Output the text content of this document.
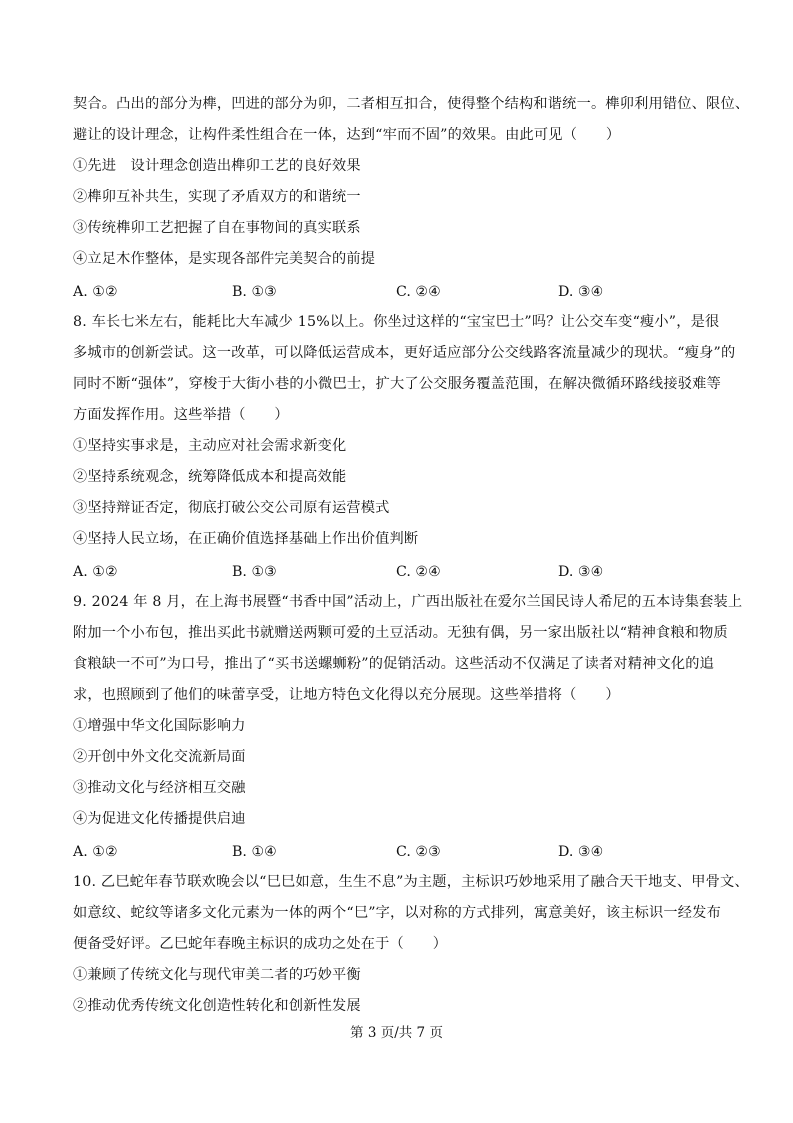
契合。凸出的部分为榫，凹进的部分为卯，二者相互扣合，使得整个结构和谐统一。榫卯利用错位、限位、
避让的设计理念，让构件柔性组合在一体，达到“牢而不固”的效果。由此可见（　　）
①先进　设计理念创造出榫卯工艺的良好效果
②榫卯互补共生，实现了矛盾双方的和谐统一
③传统榫卯工艺把握了自在事物间的真实联系
④立足木作整体，是实现各部件完美契合的前提
A. ①②	B. ①③	C. ②④	D. ③④
8. 车长七米左右，能耗比大车减少 15%以上。你坐过这样的“宝宝巴士”吗？让公交车变“瘦小”，是很
多城市的创新尝试。这一改革，可以降低运营成本，更好适应部分公交线路客流量减少的现状。“瘦身”的
同时不断“强体”，穿梭于大街小巷的小微巴士，扩大了公交服务覆盖范围，在解决微循环路线接驳难等
方面发挥作用。这些举措（　　）
①坚持实事求是，主动应对社会需求新变化
②坚持系统观念，统筹降低成本和提高效能
③坚持辩证否定，彻底打破公交公司原有运营模式
④坚持人民立场，在正确价值选择基础上作出价值判断
A. ①②	B. ①③	C. ②④	D. ③④
9. 2024 年 8 月，在上海书展暨“书香中国”活动上，广西出版社在爱尔兰国民诗人希尼的五本诗集套装上
附加一个小布包，推出买此书就赠送两颗可爱的土豆活动。无独有偶，另一家出版社以“精神食粮和物质
食粮缺一不可”为口号，推出了“买书送螺蛳粉”的促销活动。这些活动不仅满足了读者对精神文化的追
求，也照顾到了他们的味蕾享受，让地方特色文化得以充分展现。这些举措将（　　）
①增强中华文化国际影响力
②开创中外文化交流新局面
③推动文化与经济相互交融
④为促进文化传播提供启迪
A. ①②	B. ①④	C. ②③	D. ③④
10. 乙巳蛇年春节联欢晚会以“巳巳如意，生生不息”为主题，主标识巧妙地采用了融合天干地支、甲骨文、
如意纹、蛇纹等诸多文化元素为一体的两个“巳”字，以对称的方式排列，寓意美好，该主标识一经发布
便备受好评。乙巳蛇年春晚主标识的成功之处在于（　　）
①兼顾了传统文化与现代审美二者的巧妙平衡
②推动优秀传统文化创造性转化和创新性发展
第 3 页/共 7 页
